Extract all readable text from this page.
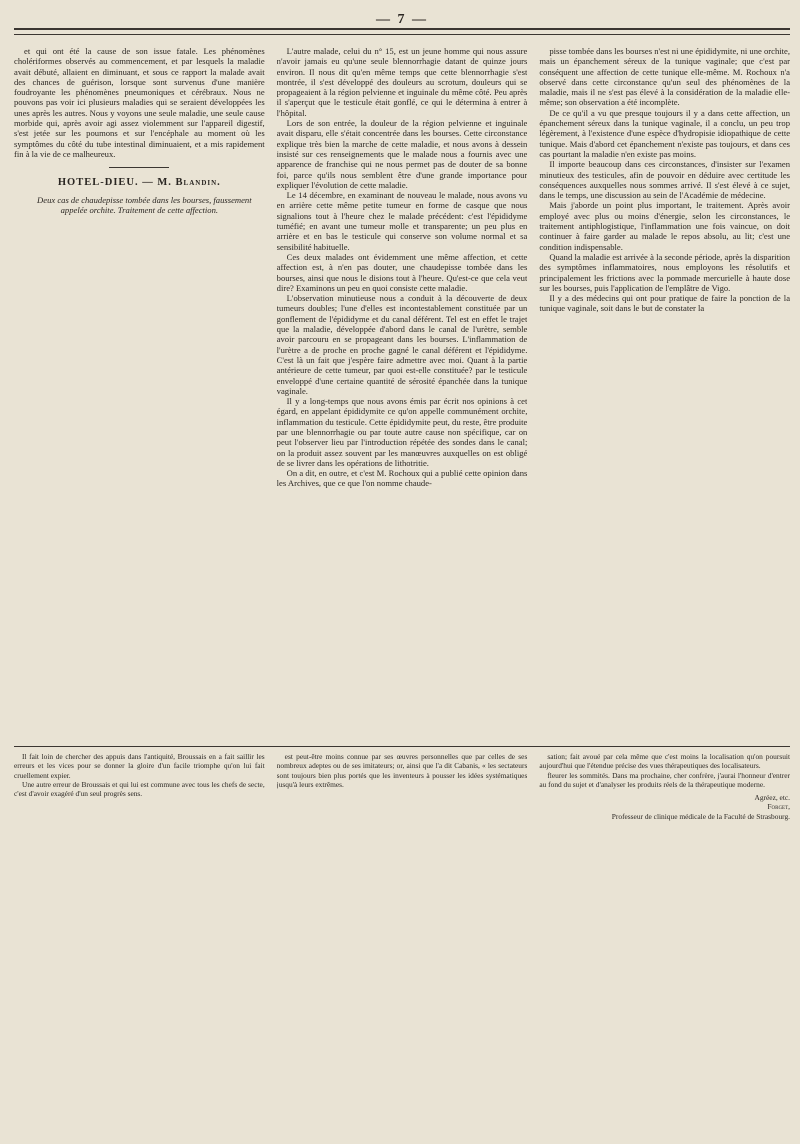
— 7 —

et qui ont été la cause de son issue fatale. Les phénomènes cholériformes observés au commencement, et par lesquels la maladie avait débuté, allaient en diminuant, et sous ce rapport la malade avait des chances de guérison, lorsque sont survenus d'une manière foudroyante les phénomènes pneumoniques et cérébraux. Nous ne pouvons pas voir ici plusieurs maladies qui se seraient développées les unes après les autres. Nous y voyons une seule maladie, une seule cause morbide qui, après avoir agi assez violemment sur l'appareil digestif, s'est jetée sur les poumons et sur l'encéphale au moment où les symptômes du côté du tube intestinal diminuaient, et a mis rapidement fin à la vie de ce malheureux.

HOTEL-DIEU. — M. Blandin.

Deux cas de chaudepisse tombée dans les bourses, faussement appelée orchite. Traitement de cette affection.

L'autre malade, celui du n° 15, est un jeune homme qui nous assure n'avoir jamais eu qu'une seule blennorrhagie datant de quinze jours environ. Il nous dit qu'en même temps que cette blennorrhagie s'est montrée, il s'est développé des douleurs au scrotum, douleurs qui se propageaient à la région pelvienne et inguinale du même côté. Peu après il s'aperçut que le testicule était gonflé, ce qui le détermina à entrer à l'hôpital.

Lors de son entrée, la douleur de la région pelvienne et inguinale avait disparu, elle s'était concentrée dans les bourses. Cette circonstance explique très bien la marche de cette maladie, et nous avons à dessein insisté sur ces renseignements que le malade nous a fournis avec une apparence de franchise qui ne nous permet pas de douter de sa bonne foi, parce qu'ils nous semblent être d'une grande importance pour expliquer l'évolution de cette maladie.

Le 14 décembre, en examinant de nouveau le malade, nous avons vu en arrière cette même petite tumeur en forme de casque que nous signalions tout à l'heure chez le malade précédent: c'est l'épididyme tuméfié; en avant une tumeur molle et transparente; un peu plus en arrière et en bas le testicule qui conserve son volume normal et sa sensibilité habituelle.

Ces deux malades ont évidemment une même affection, et cette affection est, à n'en pas douter, une chaudepisse tombée dans les bourses, ainsi que nous le disions tout à l'heure. Qu'est-ce que cela veut dire? Examinons un peu en quoi consiste cette maladie.

L'observation minutieuse nous a conduit à la découverte de deux tumeurs doubles; l'une d'elles est incontestablement constituée par un gonflement de l'épididyme et du canal déférent. Tel est en effet le trajet que la maladie, développée d'abord dans le canal de l'urètre, semble avoir parcouru en se propageant dans les bourses. L'inflammation de l'urètre a de proche en proche gagné le canal déférent et l'épididyme. C'est là un fait que j'espère faire admettre avec moi. Quant à la partie antérieure de cette tumeur, par quoi est-elle constituée? par le testicule enveloppé d'une certaine quantité de sérosité épanchée dans la tunique vaginale.

Il y a long-temps que nous avons émis par écrit nos opinions à cet égard, en appelant épididymite ce qu'on appelle communément orchite, inflammation du testicule. Cette épididymite peut, du reste, être produite par une blennorrhagie ou par toute autre cause non spécifique, car on peut l'observer lieu par l'introduction répétée des sondes dans le canal; on la produit assez souvent par les manœuvres auxquelles on est obligé de se livrer dans les opérations de lithotritie.

On a dit, en outre, et c'est M. Rochoux qui a publié cette opinion dans les Archives, que ce que l'on nomme chaude-

pisse tombée dans les bourses n'est ni une épididymite, ni une orchite, mais un épanchement séreux de la tunique vaginale; que c'est par conséquent une affection de cette tunique elle-même. M. Rochoux n'a observé dans cette circonstance qu'un seul des phénomènes de la maladie, mais il ne s'est pas élevé à la considération de la maladie elle-même; son observation a été incomplète.

De ce qu'il a vu que presque toujours il y a dans cette affection, un épanchement séreux dans la tunique vaginale, il a conclu, un peu trop légèrement, à l'existence d'une espèce d'hydropisie idiopathique de cette tunique. Mais d'abord cet épanchement n'existe pas toujours, et dans ces cas pourtant la maladie n'en existe pas moins.

Il importe beaucoup dans ces circonstances, d'insister sur l'examen minutieux des testicules, afin de pouvoir en déduire avec certitude les conséquences auxquelles nous sommes arrivé. Il s'est élevé à ce sujet, dans le temps, une discussion au sein de l'Académie de médecine.

Mais j'aborde un point plus important, le traitement. Après avoir employé avec plus ou moins d'énergie, selon les circonstances, le traitement antiphlogistique, l'inflammation une fois vaincue, on doit continuer à faire garder au malade le repos absolu, au lit; c'est une condition indispensable.

Quand la maladie est arrivée à la seconde période, après la disparition des symptômes inflammatoires, nous employons les résolutifs et principalement les frictions avec la pommade mercurielle à haute dose sur les bourses, puis l'application de l'emplâtre de Vigo.

Il y a des médecins qui ont pour pratique de faire la ponction de la tunique vaginale, soit dans le but de constater la

Il fait loin de chercher des appuis dans l'antiquité, Broussais en a fait saillir les erreurs et les vices pour se donner la gloire d'un facile triomphe qu'on lui fait cruellement expier.

Une autre erreur de Broussais et qui lui est commune avec tous les chefs de secte, c'est d'avoir exagéré d'un seul progrès sens.

est peut-être moins connue par ses œuvres personnelles que par celles de ses nombreux adeptes ou de ses imitateurs; or, ainsi que l'a dit Cabanis, « les sectateurs sont toujours bien plus portés que les inventeurs à pousser les idées systématiques jusqu'à leurs extrêmes.

sation; fait avoué par cela même que c'est moins la localisation qu'on poursuit aujourd'hui que l'étendue précise des vues thérapeutiques des localisateurs.

fleurer les sommités. Dans ma prochaine, cher confrère, j'aurai l'honneur d'entrer au fond du sujet et d'analyser les produits réels de la thérapeutique moderne.

Agréez, etc.
Forget,
Professeur de clinique médicale de la Faculté de Strasbourg.
